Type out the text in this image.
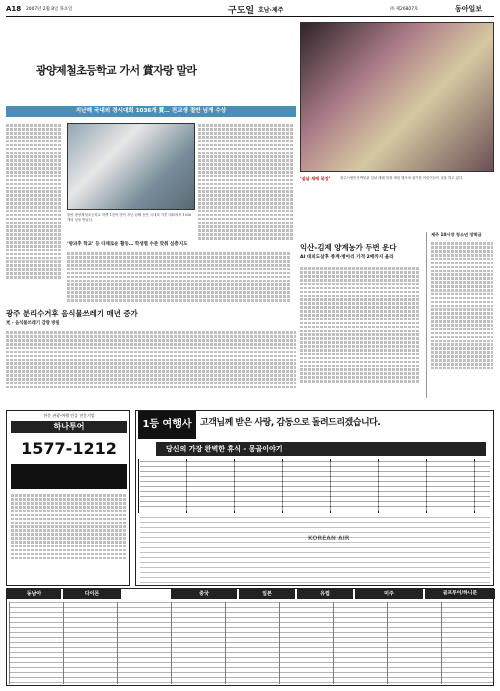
A18 2007년 2월 8일 목요일	구도일 호남·제주	㈜ 제26807호	동아일보
광양제철초등학교 가서 賞자랑 말라
지난해 국내외 경시대회 1036개 賞… 전교생 절반 넘게 수상
광양 광양제철초등학교 학생 1천여 명이 지난 한해 동안 국내외 각종 대회에서 1036개의 상을 받았다.
‘방과후 학교’ 등 다채로운 활동… 학생별 수준 맞춰 심층지도
‘설날 세배 복장’	광주시립민속박물관 설날 세배 복장 체험 행사에 참가한 어린이들이 절을 하고 있다.
익산-김제 양계농가 두번 운다
AI 대피도살후 종계·병아리 가격 2배까지 올라
제주 10시장 청소년 장학금
광주 분리수거후 음식물쓰레기 매년 증가
光 - 음식물쓰레기 감량 방침
전문 관광·여행 인증 전문기업
하나투어
1577-1212
1등 여행사 고객님께 받은 사랑, 감동으로 돌려드리겠습니다.
당신의 가장 완벽한 휴식 - 몽골이야기
KOREAN AIR
동남아	다이몬	중국	일본	유럽	미주	골프투어/하니문
